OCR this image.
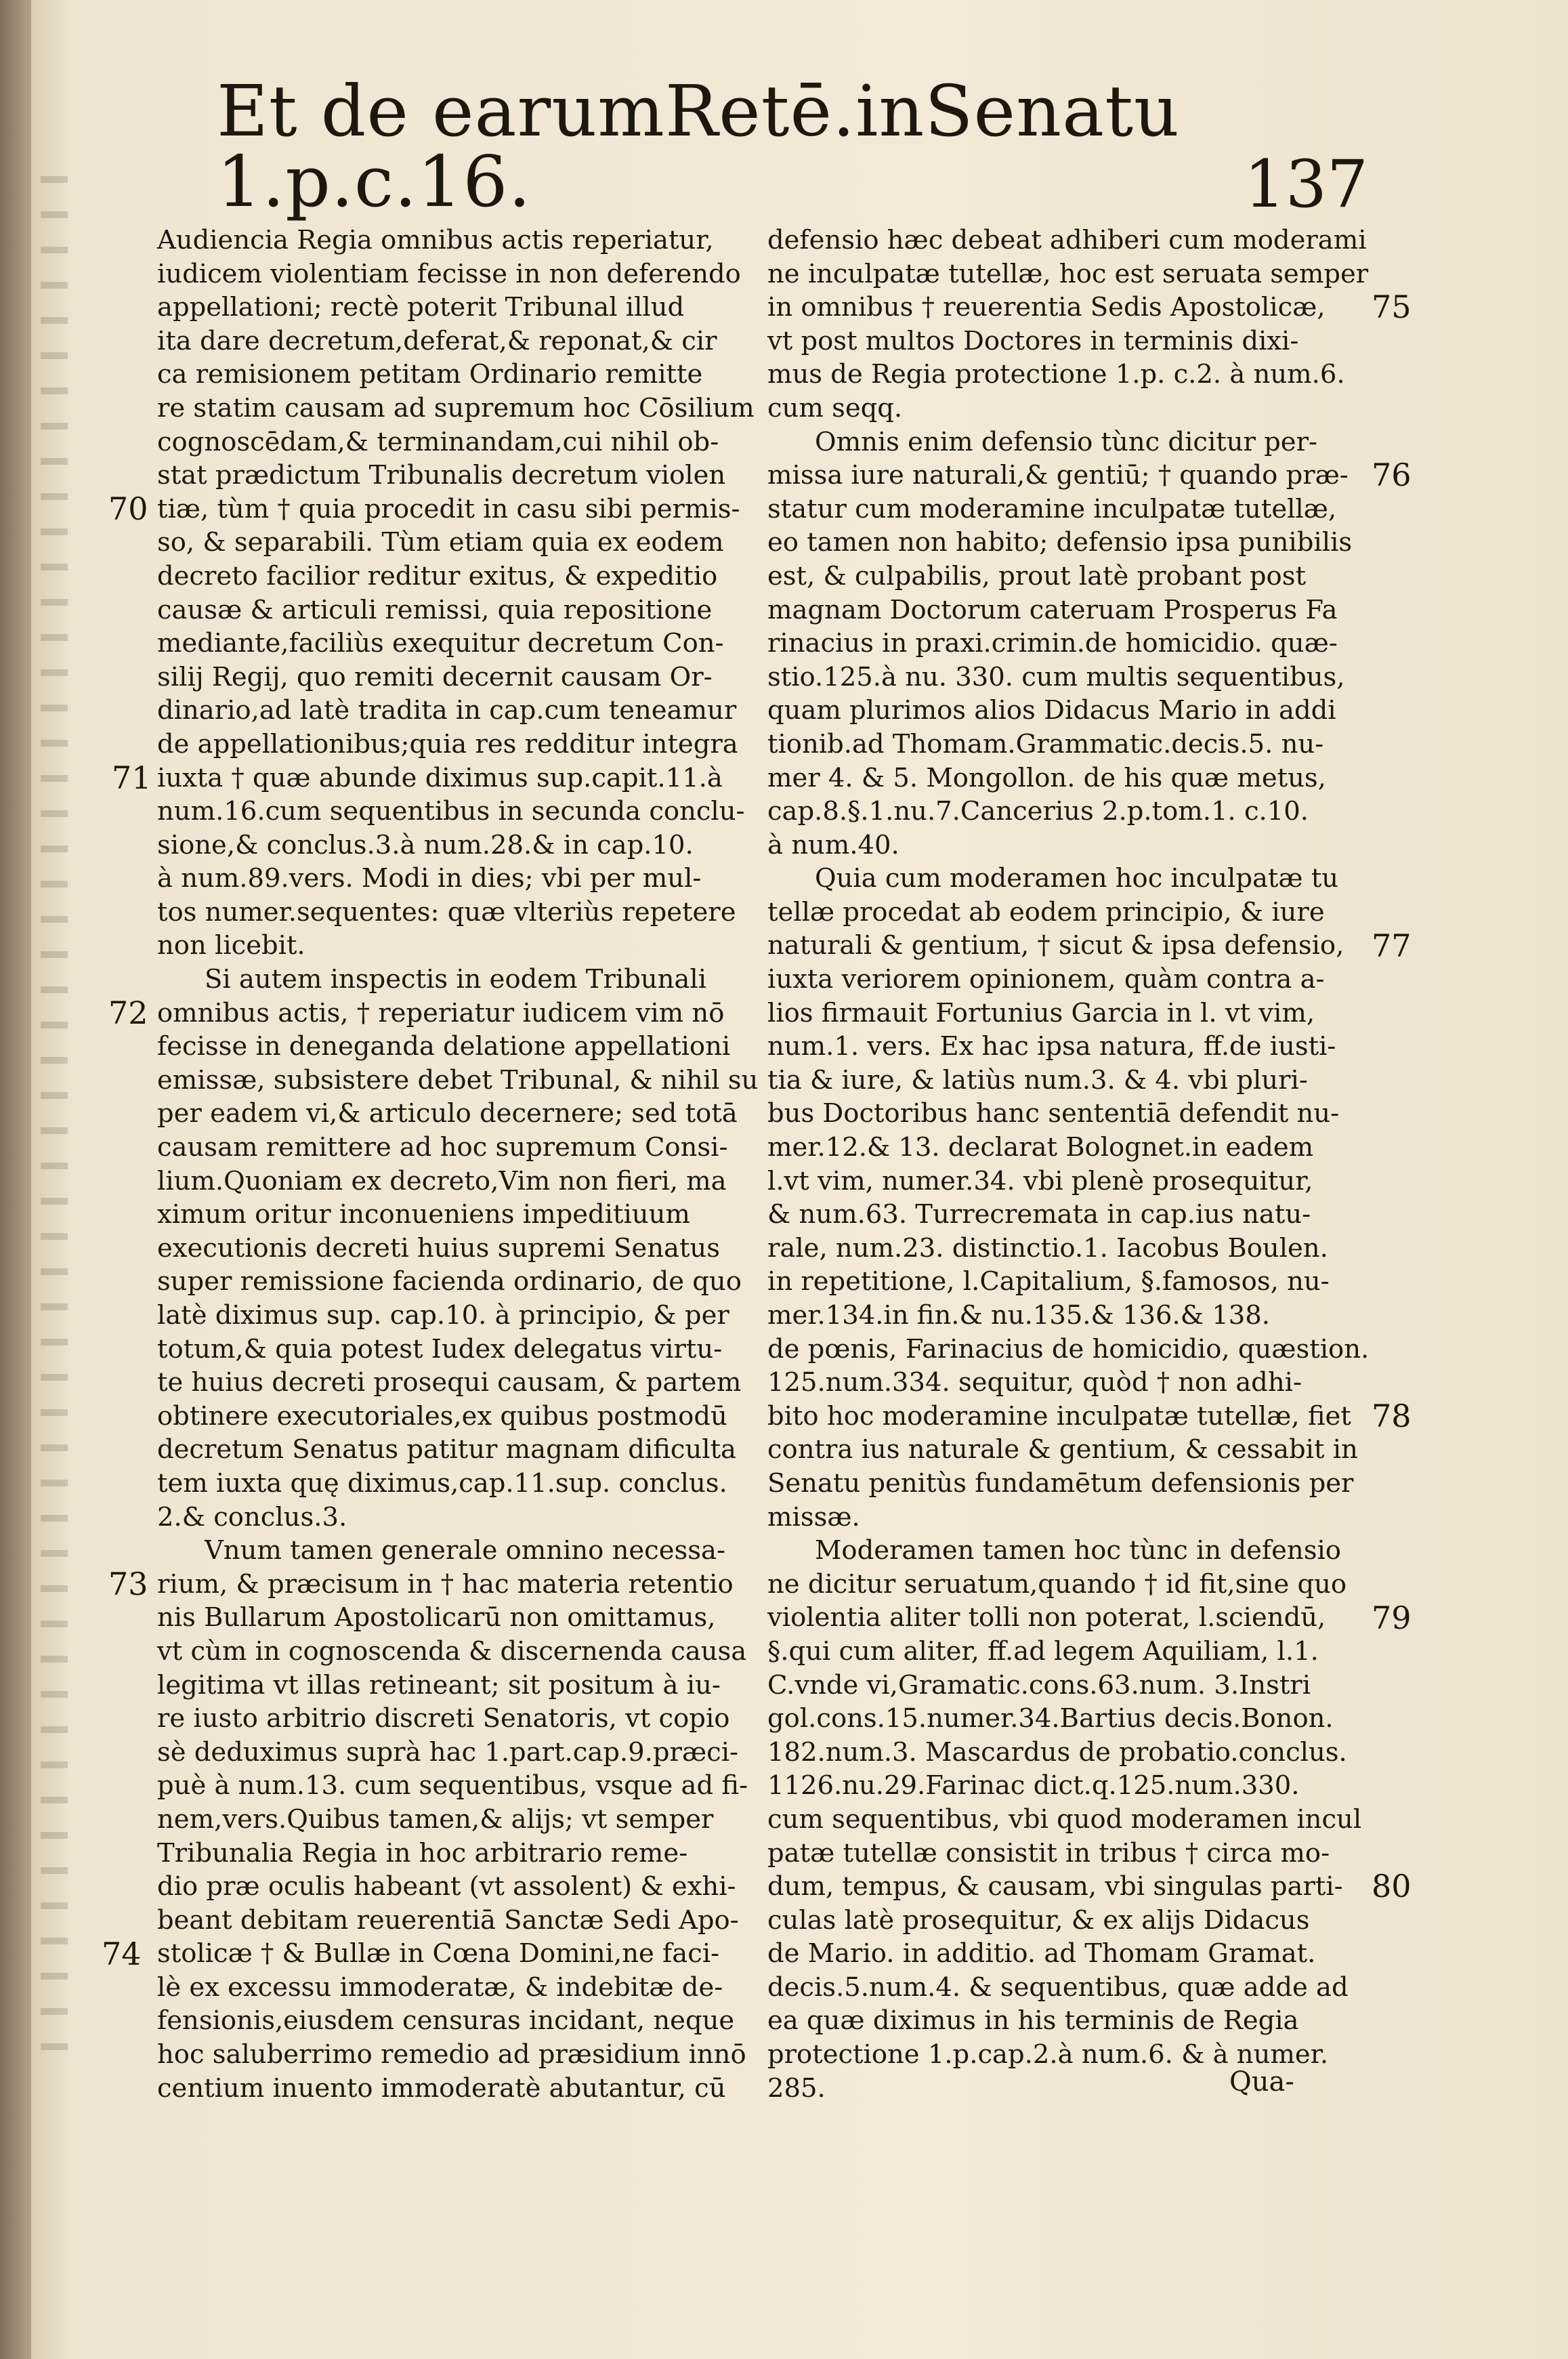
Et de earumRetē.inSenatu 1.p.c.16.	137
Audiencia Regia omnibus actis reperiatur,
iudicem violentiam fecisse in non deferendo
appellationi; rectè poterit Tribunal illud
ita dare decretum,deferat,& reponat,& cir
ca remisionem petitam Ordinario remitte
re statim causam ad supremum hoc Cōsilium
cognoscēdam,& terminandam,cui nihil ob-
stat prædictum Tribunalis decretum violen
tiæ, tùm † quia procedit in casu sibi permis-
so, & separabili. Tùm etiam quia ex eodem
decreto facilior reditur exitus, & expeditio
causæ & articuli remissi, quia repositione
mediante,faciliùs exequitur decretum Con-
silij Regij, quo remiti decernit causam Or-
dinario,ad latè tradita in cap.cum teneamur
de appellationibus;quia res redditur integra
iuxta † quæ abunde diximus sup.capit.11.à
num.16.cum sequentibus in secunda conclu-
sione,& conclus.3.à num.28.& in cap.10.
à num.89.vers. Modi in dies; vbi per mul-
tos numer.sequentes: quæ vlteriùs repetere
non licebit.
Si autem inspectis in eodem Tribunali
omnibus actis, † reperiatur iudicem vim nō
fecisse in deneganda delatione appellationi
emissæ, subsistere debet Tribunal, & nihil su
per eadem vi,& articulo decernere; sed totā
causam remittere ad hoc supremum Consi-
lium.Quoniam ex decreto,Vim non fieri, ma
ximum oritur inconueniens impeditiuum
executionis decreti huius supremi Senatus
super remissione facienda ordinario, de quo
latè diximus sup. cap.10. à principio, & per
totum,& quia potest Iudex delegatus virtu-
te huius decreti prosequi causam, & partem
obtinere executoriales,ex quibus postmodū
decretum Senatus patitur magnam dificulta
tem iuxta quę diximus,cap.11.sup. conclus.
2.& conclus.3.
Vnum tamen generale omnino necessa-
rium, & præcisum in † hac materia retentio
nis Bullarum Apostolicarū non omittamus,
vt cùm in cognoscenda & discernenda causa
legitima vt illas retineant; sit positum à iu-
re iusto arbitrio discreti Senatoris, vt copio
sè deduximus suprà hac 1.part.cap.9.præci-
puè à num.13. cum sequentibus, vsque ad fi-
nem,vers.Quibus tamen,& alijs; vt semper
Tribunalia Regia in hoc arbitrario reme-
dio præ oculis habeant (vt assolent) & exhi-
beant debitam reuerentiā Sanctæ Sedi Apo-
stolicæ † & Bullæ in Cœna Domini,ne faci-
lè ex excessu immoderatæ, & indebitæ de-
fensionis,eiusdem censuras incidant, neque
hoc saluberrimo remedio ad præsidium innō
centium inuento immoderatè abutantur, cū
defensio hæc debeat adhiberi cum moderami
ne inculpatæ tutellæ, hoc est seruata semper
in omnibus † reuerentia Sedis Apostolicæ,
vt post multos Doctores in terminis dixi-
mus de Regia protectione 1.p. c.2. à num.6.
cum seqq.
Omnis enim defensio tùnc dicitur per-
missa iure naturali,& gentiū; † quando præ-
statur cum moderamine inculpatæ tutellæ,
eo tamen non habito; defensio ipsa punibilis
est, & culpabilis, prout latè probant post
magnam Doctorum cateruam Prosperus Fa
rinacius in praxi.crimin.de homicidio. quæ-
stio.125.à nu. 330. cum multis sequentibus,
quam plurimos alios Didacus Mario in addi
tionib.ad Thomam.Grammatic.decis.5. nu-
mer 4. & 5. Mongollon. de his quæ metus,
cap.8.§.1.nu.7.Cancerius 2.p.tom.1. c.10.
à num.40.
Quia cum moderamen hoc inculpatæ tu
tellæ procedat ab eodem principio, & iure
naturali & gentium, † sicut & ipsa defensio,
iuxta veriorem opinionem, quàm contra a-
lios firmauit Fortunius Garcia in l. vt vim,
num.1. vers. Ex hac ipsa natura, ff.de iusti-
tia & iure, & latiùs num.3. & 4. vbi pluri-
bus Doctoribus hanc sententiā defendit nu-
mer.12.& 13. declarat Bolognet.in eadem
l.vt vim, numer.34. vbi plenè prosequitur,
& num.63. Turrecremata in cap.ius natu-
rale, num.23. distinctio.1. Iacobus Boulen.
in repetitione, l.Capitalium, §.famosos, nu-
mer.134.in fin.& nu.135.& 136.& 138.
de pœnis, Farinacius de homicidio, quæstion.
125.num.334. sequitur, quòd † non adhi-
bito hoc moderamine inculpatæ tutellæ, fiet
contra ius naturale & gentium, & cessabit in
Senatu penitùs fundamētum defensionis per
missæ.
Moderamen tamen hoc tùnc in defensio
ne dicitur seruatum,quando † id fit,sine quo
violentia aliter tolli non poterat, l.sciendū,
§.qui cum aliter, ff.ad legem Aquiliam, l.1.
C.vnde vi,Gramatic.cons.63.num. 3.Instri
gol.cons.15.numer.34.Bartius decis.Bonon.
182.num.3. Mascardus de probatio.conclus.
1126.nu.29.Farinac dict.q.125.num.330.
cum sequentibus, vbi quod moderamen incul
patæ tutellæ consistit in tribus † circa mo-
dum, tempus, & causam, vbi singulas parti-
culas latè prosequitur, & ex alijs Didacus
de Mario. in additio. ad Thomam Gramat.
decis.5.num.4. & sequentibus, quæ adde ad
ea quæ diximus in his terminis de Regia
protectione 1.p.cap.2.à num.6. & à numer.
285.
70
71
72
73
74
75
76
77
78
79
80
Qua-
